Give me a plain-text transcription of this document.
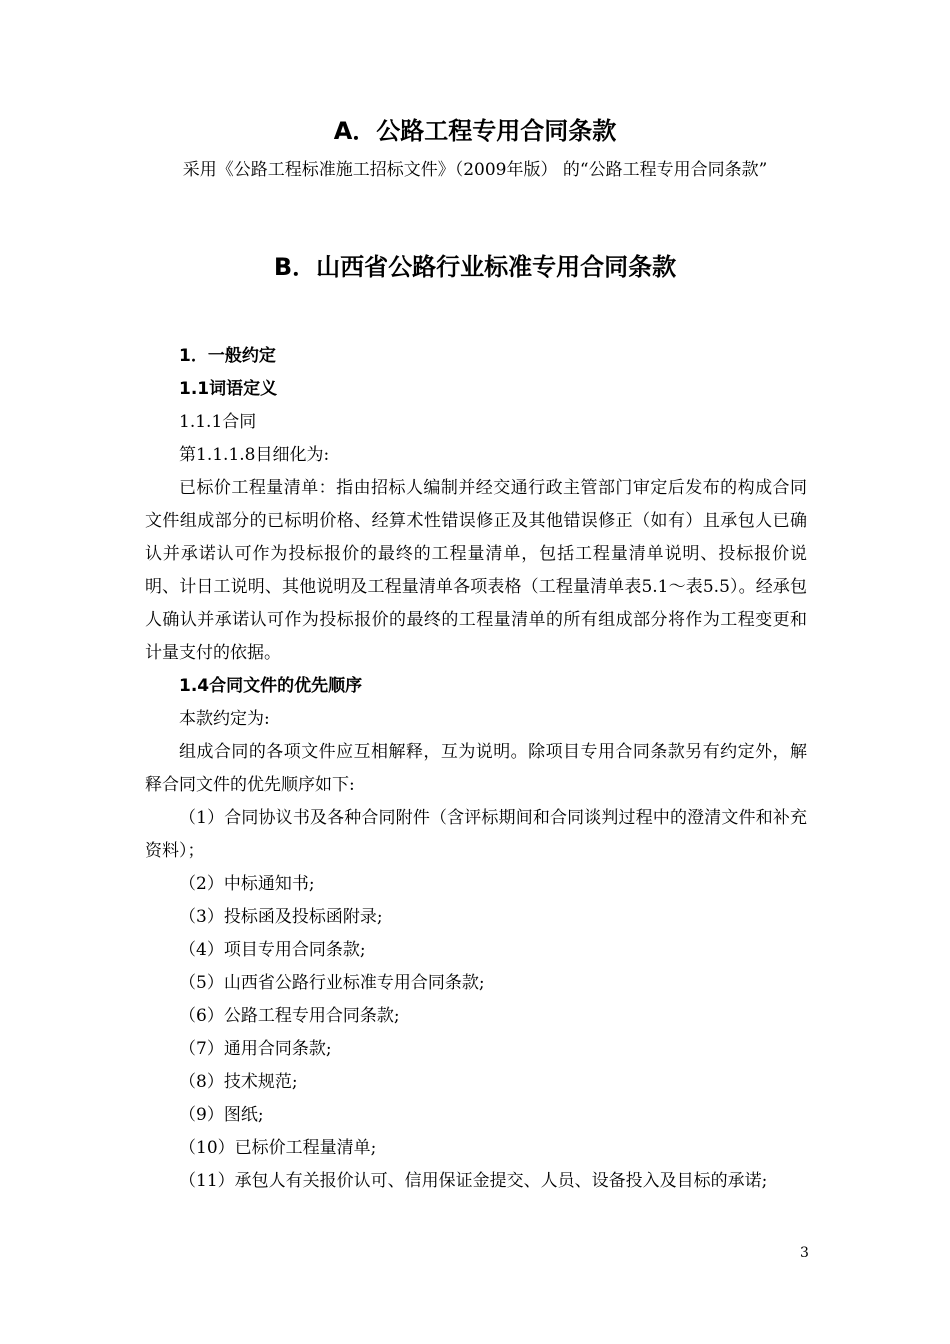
A．公路工程专用合同条款
采用《公路工程标准施工招标文件》（2009年版） 的“公路工程专用合同条款”
B．山西省公路行业标准专用合同条款

1．一般约定

1.1词语定义

1.1.1合同

第1.1.1.8目细化为:

已标价工程量清单：指由招标人编制并经交通行政主管部门审定后发布的构成合同文件组成部分的已标明价格、经算术性错误修正及其他错误修正（如有）且承包人已确认并承诺认可作为投标报价的最终的工程量清单，包括工程量清单说明、投标报价说明、计日工说明、其他说明及工程量清单各项表格（工程量清单表5.1～表5.5）。经承包人确认并承诺认可作为投标报价的最终的工程量清单的所有组成部分将作为工程变更和计量支付的依据。

1.4合同文件的优先顺序

本款约定为:

组成合同的各项文件应互相解释，互为说明。除项目专用合同条款另有约定外，解释合同文件的优先顺序如下:

（1）合同协议书及各种合同附件（含评标期间和合同谈判过程中的澄清文件和补充资料）；

（2）中标通知书;

（3）投标函及投标函附录;

（4）项目专用合同条款;

（5）山西省公路行业标准专用合同条款;

（6）公路工程专用合同条款;

（7）通用合同条款;

（8）技术规范;

（9）图纸;

（10）已标价工程量清单;

（11）承包人有关报价认可、信用保证金提交、人员、设备投入及目标的承诺;

3
